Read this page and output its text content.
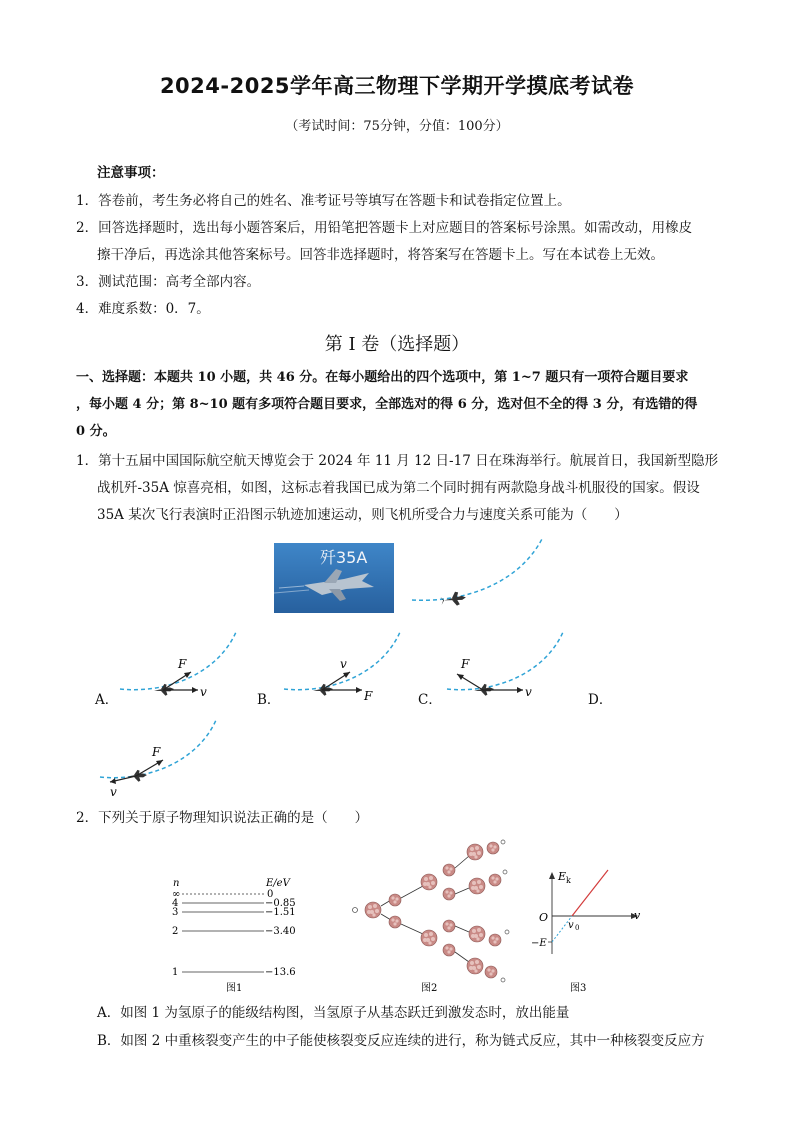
2024-2025学年高三物理下学期开学摸底考试卷
（考试时间：75分钟，分值：100分）
注意事项：
1．答卷前，考生务必将自己的姓名、准考证号等填写在答题卡和试卷指定位置上。
2．回答选择题时，选出每小题答案后，用铅笔把答题卡上对应题目的答案标号涂黑。如需改动，用橡皮
擦干净后，再选涂其他答案标号。回答非选择题时，将答案写在答题卡上。写在本试卷上无效。
3．测试范围：高考全部内容。
4．难度系数：0．7。
第 I 卷（选择题）
一、选择题：本题共 10 小题，共 46 分。在每小题给出的四个选项中，第 1~7 题只有一项符合题目要求
，每小题 4 分；第 8~10 题有多项符合题目要求，全部选对的得 6 分，选对但不全的得 3 分，有选错的得
0 分。
1．第十五届中国国际航空航天博览会于 2024 年 11 月 12 日-17 日在珠海举行。航展首日，我国新型隐形
战机歼-35A 惊喜亮相，如图，这标志着我国已成为第二个同时拥有两款隐身战斗机服役的国家。假设
35A 某次飞行表演时正沿图示轨迹加速运动，则飞机所受合力与速度关系可能为（　　）
歼35A
A．
F
v	B．
v
F	C．
F
v	D．
F
v
2．下列关于原子物理知识说法正确的是（　　）
n	E/eV
∞	0
4	−0.85
3	−1.51
2	−3.40
1	−13.6
图1	图2
E k
O
v 0
v
−E
图3
A．如图 1 为氢原子的能级结构图，当氢原子从基态跃迁到激发态时，放出能量
B．如图 2 中重核裂变产生的中子能使核裂变反应连续的进行，称为链式反应，其中一种核裂变反应方
